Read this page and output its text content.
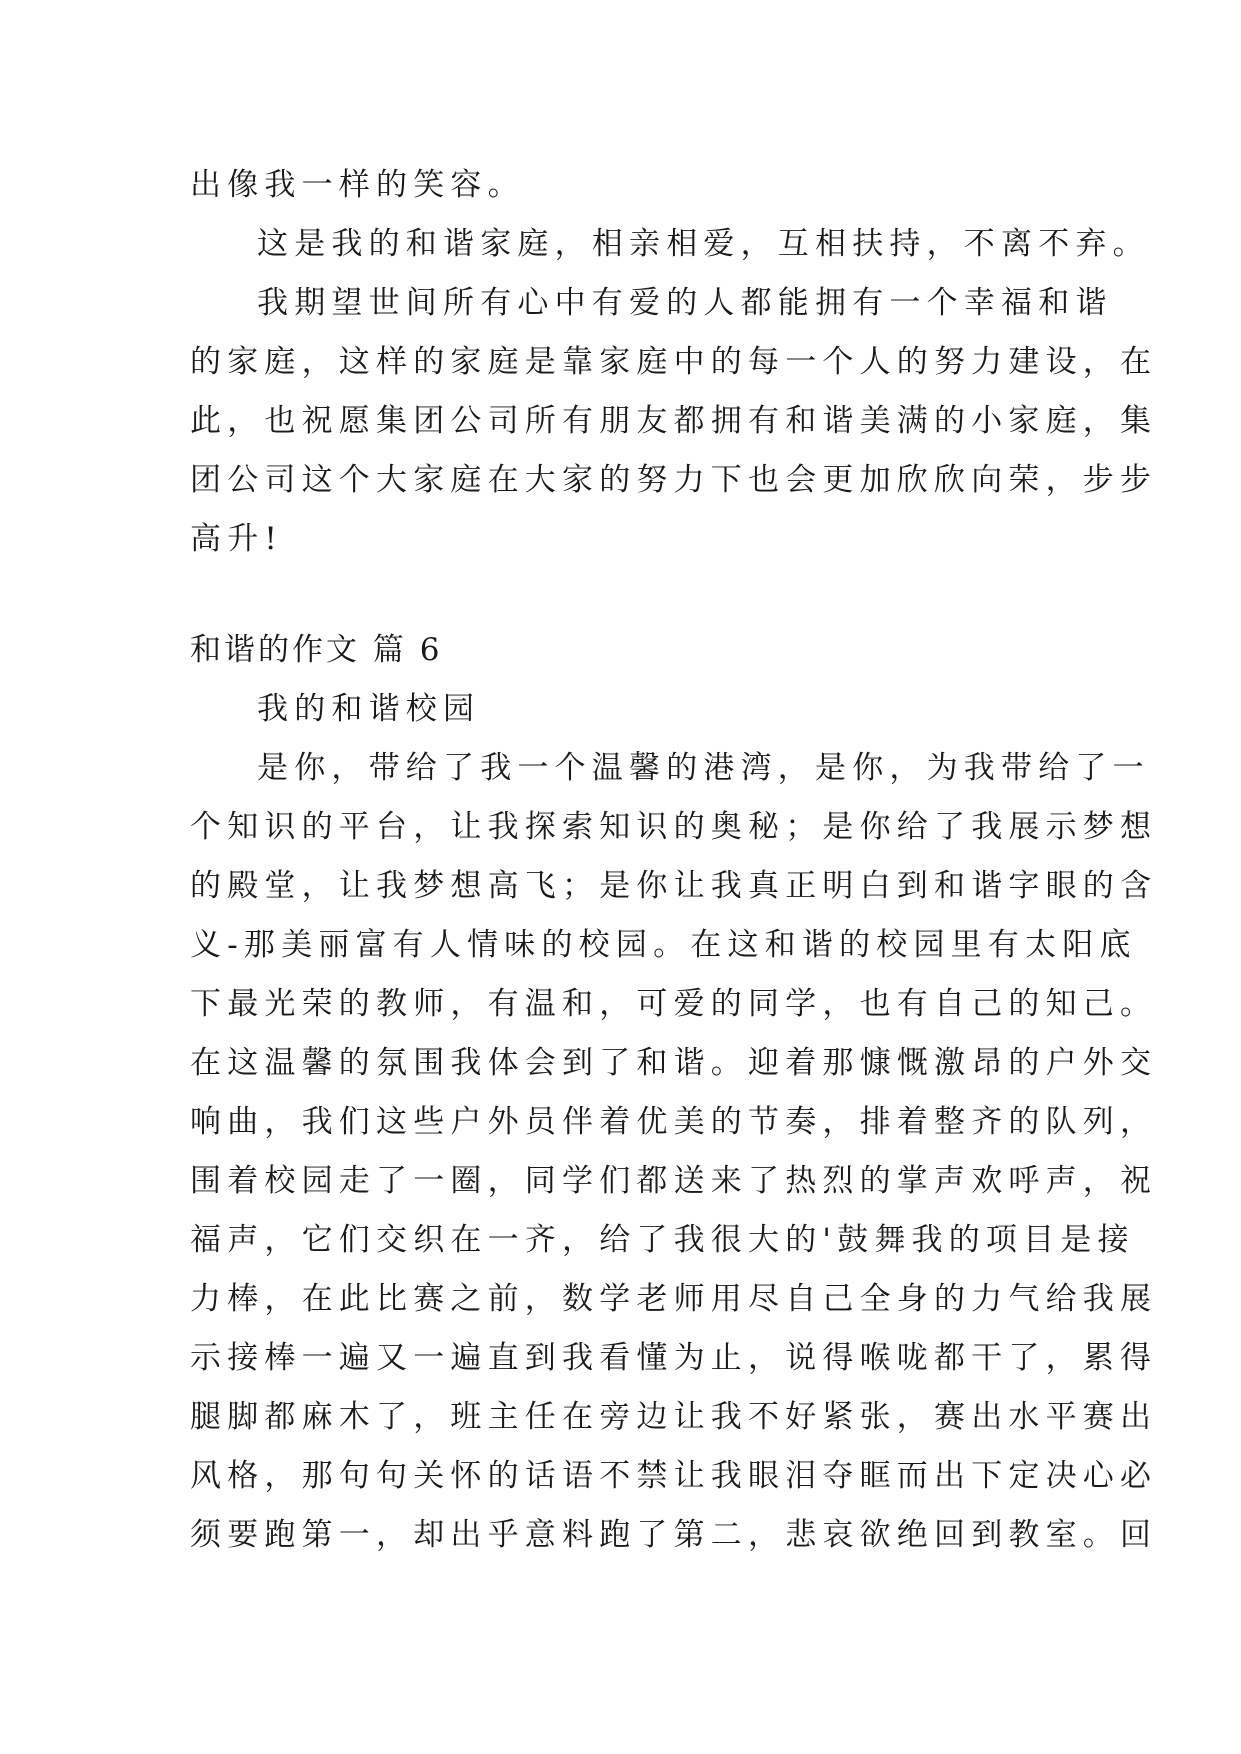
出像我一样的笑容。
这是我的和谐家庭，相亲相爱，互相扶持，不离不弃。
我期望世间所有心中有爱的人都能拥有一个幸福和谐
的家庭，这样的家庭是靠家庭中的每一个人的努力建设，在
此，也祝愿集团公司所有朋友都拥有和谐美满的小家庭，集
团公司这个大家庭在大家的努力下也会更加欣欣向荣，步步
高升!
和谐的作文 篇 6
我的和谐校园
是你，带给了我一个温馨的港湾，是你，为我带给了一
个知识的平台，让我探索知识的奥秘；是你给了我展示梦想
的殿堂，让我梦想高飞；是你让我真正明白到和谐字眼的含
义-那美丽富有人情味的校园。在这和谐的校园里有太阳底
下最光荣的教师，有温和，可爱的同学，也有自己的知己。
在这温馨的氛围我体会到了和谐。迎着那慷慨激昂的户外交
响曲，我们这些户外员伴着优美的节奏，排着整齐的队列，
围着校园走了一圈，同学们都送来了热烈的掌声欢呼声，祝
福声，它们交织在一齐，给了我很大的'鼓舞我的项目是接
力棒，在此比赛之前，数学老师用尽自己全身的力气给我展
示接棒一遍又一遍直到我看懂为止，说得喉咙都干了，累得
腿脚都麻木了，班主任在旁边让我不好紧张，赛出水平赛出
风格，那句句关怀的话语不禁让我眼泪夺眶而出下定决心必
须要跑第一，却出乎意料跑了第二，悲哀欲绝回到教室。回
